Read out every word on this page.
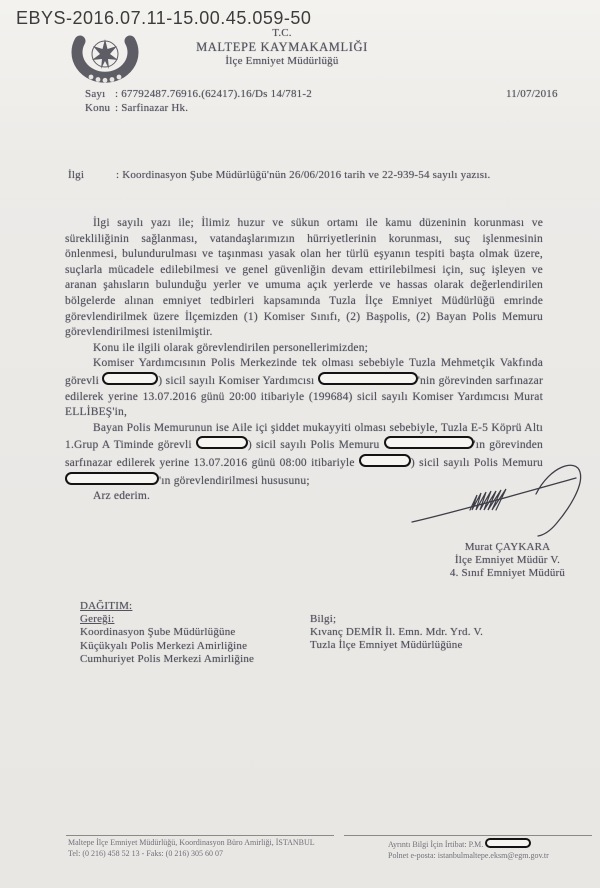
EBYS-2016.07.11-15.00.45.059-50
T.C.
MALTEPE KAYMAKAMLIĞI
İlçe Emniyet Müdürlüğü
Sayı : 67792487.76916.(62417).16/Ds 14/781-2
Konu : Sarfinazar Hk.
11/07/2016
İlgi	: Koordinasyon Şube Müdürlüğü'nün 26/06/2016 tarih ve 22-939-54 sayılı yazısı.

İlgi sayılı yazı ile; İlimiz huzur ve sükun ortamı ile kamu düzeninin korunması ve sürekliliğinin sağlanması, vatandaşlarımızın hürriyetlerinin korunması, suç işlenmesinin önlenmesi, bulundurulması ve taşınması yasak olan her türlü eşyanın tespiti başta olmak üzere, suçlarla mücadele edilebilmesi ve genel güvenliğin devam ettirilebilmesi için, suç işleyen ve aranan şahısların bulunduğu yerler ve umuma açık yerlerde ve hassas olarak değerlendirilen bölgelerde alınan emniyet tedbirleri kapsamında Tuzla İlçe Emniyet Müdürlüğü emrinde görevlendirilmek üzere İlçemizden (1) Komiser Sınıfı, (2) Başpolis, (2) Bayan Polis Memuru görevlendirilmesi istenilmiştir.

Konu ile ilgili olarak görevlendirilen personellerimizden;

Komiser Yardımcısının Polis Merkezinde tek olması sebebiyle Tuzla Mehmetçik Vakfında görevli	) sicil sayılı Komiser Yardımcısı	'nin görevinden sarfınazar edilerek yerine 13.07.2016 günü 20:00 itibariyle (199684) sicil sayılı Komiser Yardımcısı Murat ELLİBEŞ'in,

Bayan Polis Memurunun ise Aile içi şiddet mukayyiti olması sebebiyle, Tuzla E-5 Köprü Altı 1.Grup A Timinde görevli	) sicil sayılı Polis Memuru	'ın görevinden sarfınazar edilerek yerine 13.07.2016 günü 08:00 itibariyle	) sicil sayılı Polis Memuru 'ın görevlendirilmesi hususunu;

Arz ederim.

Murat ÇAYKARA
İlçe Emniyet Müdür V.
4. Sınıf Emniyet Müdürü
DAĞITIM:
Gereği:
Koordinasyon Şube Müdürlüğüne
Küçükyalı Polis Merkezi Amirliğine
Cumhuriyet Polis Merkezi Amirliğine
Bilgi;
Kıvanç DEMİR İl. Emn. Mdr. Yrd. V.
Tuzla İlçe Emniyet Müdürlüğüne
Maltepe İlçe Emniyet Müdürlüğü, Koordinasyon Büro Amirliği, İSTANBUL
Tel: (0 216) 458 52 13 - Faks: (0 216) 305 60 07
Ayrıntı Bilgi İçin İrtibat: P.M.
Polnet e-posta: istanbulmaltepe.eksm@egm.gov.tr
